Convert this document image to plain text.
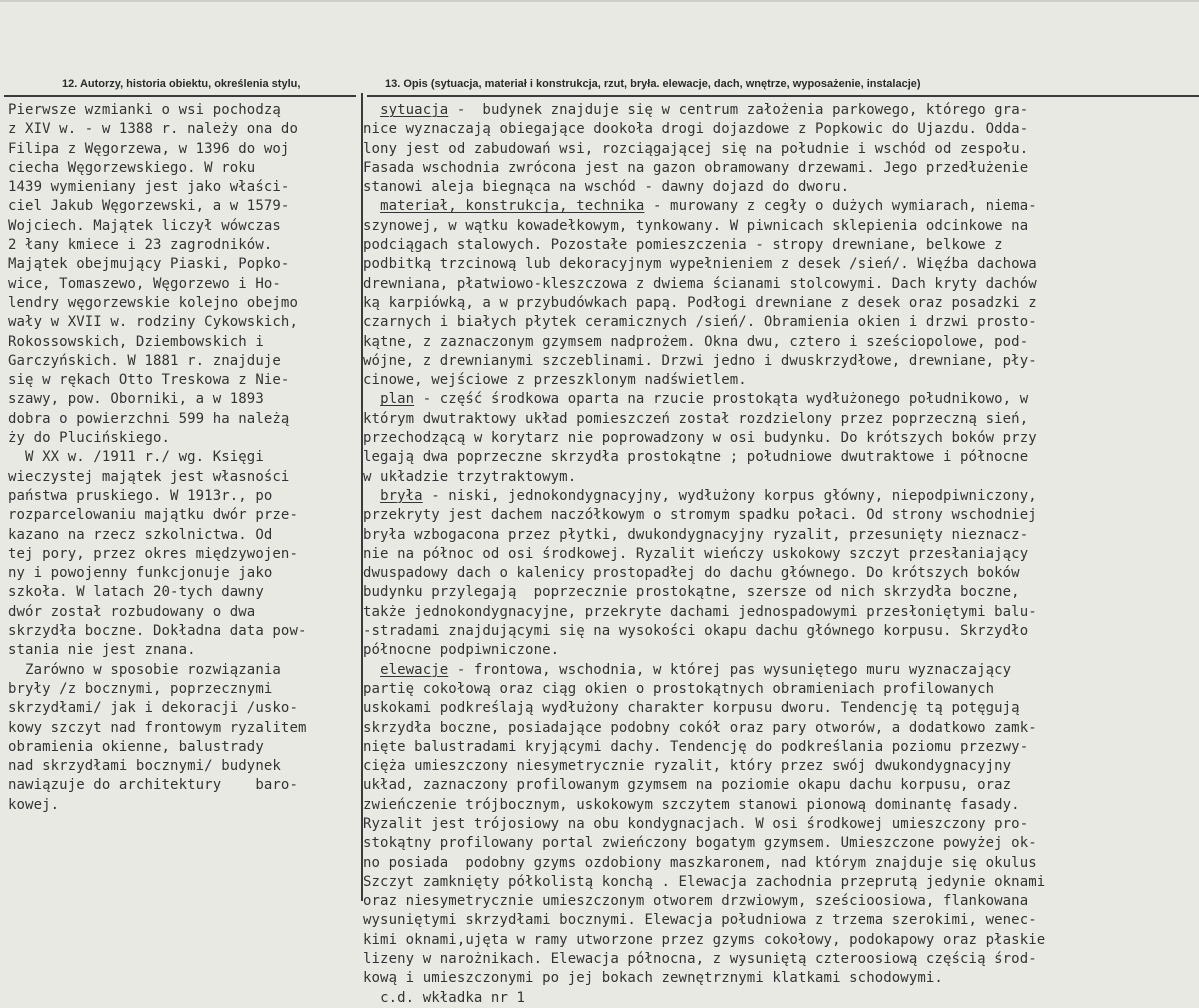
12. Autorzy, historia obiektu, określenia stylu,	13. Opis (sytuacja, materiał i konstrukcja, rzut, bryła. elewacje, dach, wnętrze, wyposażenie, instalacje)
Pierwsze wzmianki o wsi pochodzą
z XIV w. - w 1388 r. należy ona do
Filipa z Węgorzewa, w 1396 do woj
ciecha Węgorzewskiego. W roku
1439 wymieniany jest jako właści-
ciel Jakub Węgorzewski, a w 1579-
Wojciech. Majątek liczył wówczas
2 łany kmiece i 23 zagrodników.
Majątek obejmujący Piaski, Popko-
wice, Tomaszewo, Węgorzewo i Ho-
lendry węgorzewskie kolejno obejmo
wały w XVII w. rodziny Cykowskich,
Rokossowskich, Dziembowskich i
Garczyńskich. W 1881 r. znajduje
się w rękach Otto Treskowa z Nie-
szawy, pow. Oborniki, a w 1893
dobra o powierzchni 599 ha należą
ży do Plucińskiego.
W XX w. /1911 r./ wg. Księgi
wieczystej majątek jest własności
państwa pruskiego. W 1913r., po
rozparcelowaniu majątku dwór prze-
kazano na rzecz szkolnictwa. Od
tej pory, przez okres międzywojen-
ny i powojenny funkcjonuje jako
szkoła. W latach 20-tych dawny
dwór został rozbudowany o dwa
skrzydła boczne. Dokładna data pow-
stania nie jest znana.
Zarówno w sposobie rozwiązania
bryły /z bocznymi, poprzecznymi
skrzydłami/ jak i dekoracji /usko-
kowy szczyt nad frontowym ryzalitem
obramienia okienne, balustrady
nad skrzydłami bocznymi/ budynek
nawiązuje do architektury    baro-
kowej.
sytuacja -  budynek znajduje się w centrum założenia parkowego, którego gra-
nice wyznaczają obiegające dookoła drogi dojazdowe z Popkowic do Ujazdu. Odda-
lony jest od zabudowań wsi, rozciągającej się na południe i wschód od zespołu.
Fasada wschodnia zwrócona jest na gazon obramowany drzewami. Jego przedłużenie
stanowi aleja biegnąca na wschód - dawny dojazd do dworu.
materiał, konstrukcja, technika - murowany z cegły o dużych wymiarach, niema-
szynowej, w wątku kowadełkowym, tynkowany. W piwnicach sklepienia odcinkowe na
podciągach stalowych. Pozostałe pomieszczenia - stropy drewniane, belkowe z
podbitką trzcinową lub dekoracyjnym wypełnieniem z desek /sień/. Więźba dachowa
drewniana, płatwiowo-kleszczowa z dwiema ścianami stolcowymi. Dach kryty dachów
ką karpiówką, a w przybudówkach papą. Podłogi drewniane z desek oraz posadzki z
czarnych i białych płytek ceramicznych /sień/. Obramienia okien i drzwi prosto-
kątne, z zaznaczonym gzymsem nadprożem. Okna dwu, cztero i sześciopolowe, pod-
wójne, z drewnianymi szczeblinami. Drzwi jedno i dwuskrzydłowe, drewniane, pły-
cinowe, wejściowe z przeszklonym nadświetlem.
plan - część środkowa oparta na rzucie prostokąta wydłużonego południkowo, w
którym dwutraktowy układ pomieszczeń został rozdzielony przez poprzeczną sień,
przechodzącą w korytarz nie poprowadzony w osi budynku. Do krótszych boków przy
legają dwa poprzeczne skrzydła prostokątne ; południowe dwutraktowe i północne
w układzie trzytraktowym.
bryła - niski, jednokondygnacyjny, wydłużony korpus główny, niepodpiwniczony,
przekryty jest dachem naczółkowym o stromym spadku połaci. Od strony wschodniej
bryła wzbogacona przez płytki, dwukondygnacyjny ryzalit, przesunięty nieznacz-
nie na północ od osi środkowej. Ryzalit wieńczy uskokowy szczyt przesłaniający
dwuspadowy dach o kalenicy prostopadłej do dachu głównego. Do krótszych boków
budynku przylegają  poprzecznie prostokątne, szersze od nich skrzydła boczne,
także jednokondygnacyjne, przekryte dachami jednospadowymi przesłoniętymi balu-
-stradami znajdującymi się na wysokości okapu dachu głównego korpusu. Skrzydło
północne podpiwniczone.
elewacje - frontowa, wschodnia, w której pas wysuniętego muru wyznaczający
partię cokołową oraz ciąg okien o prostokątnych obramieniach profilowanych
uskokami podkreślają wydłużony charakter korpusu dworu. Tendencję tą potęgują
skrzydła boczne, posiadające podobny cokół oraz pary otworów, a dodatkowo zamk-
nięte balustradami kryjącymi dachy. Tendencję do podkreślania poziomu przezwy-
cięża umieszczony niesymetrycznie ryzalit, który przez swój dwukondygnacyjny
układ, zaznaczony profilowanym gzymsem na poziomie okapu dachu korpusu, oraz
zwieńczenie trójbocznym, uskokowym szczytem stanowi pionową dominantę fasady.
Ryzalit jest trójosiowy na obu kondygnacjach. W osi środkowej umieszczony pro-
stokątny profilowany portal zwieńczony bogatym gzymsem. Umieszczone powyżej ok-
no posiada  podobny gzyms ozdobiony maszkaronem, nad którym znajduje się okulus
Szczyt zamknięty półkolistą konchą . Elewacja zachodnia przeprutą jedynie oknami
oraz niesymetrycznie umieszczonym otworem drzwiowym, sześcioosiowa, flankowana
wysuniętymi skrzydłami bocznymi. Elewacja południowa z trzema szerokimi, wenec-
kimi oknami,ujęta w ramy utworzone przez gzyms cokołowy, podokapowy oraz płaskie
lizeny w narożnikach. Elewacja północna, z wysuniętą czteroosiową częścią środ-
kową i umieszczonymi po jej bokach zewnętrznymi klatkami schodowymi.
c.d. wkładka nr 1
